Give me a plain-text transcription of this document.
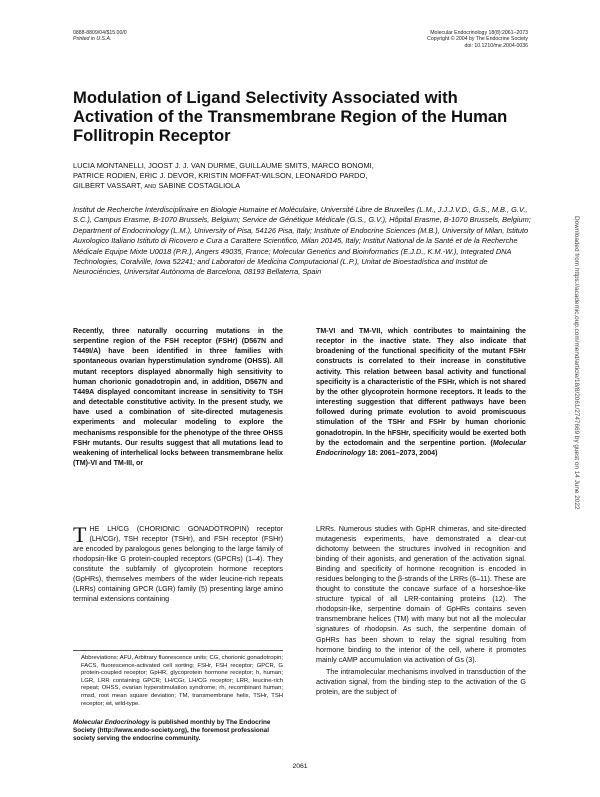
0888-8809/04/$15.00/0
Printed in U.S.A.
Molecular Endocrinology 18(8):2061–2073
Copyright © 2004 by The Endocrine Society
doi: 10.1210/me.2004-0036
Modulation of Ligand Selectivity Associated with Activation of the Transmembrane Region of the Human Follitropin Receptor
LUCIA MONTANELLI, JOOST J. J. VAN DURME, GUILLAUME SMITS, MARCO BONOMI,
PATRICE RODIEN, ERIC J. DEVOR, KRISTIN MOFFAT-WILSON, LEONARDO PARDO,
GILBERT VASSART, AND SABINE COSTAGLIOLA
Institut de Recherche Interdisciplinaire en Biologie Humaine et Moléculaire, Université Libre de Bruxelles (L.M., J.J.J.V.D., G.S., M.B., G.V., S.C.), Campus Erasme, B-1070 Brussels, Belgium; Service de Génétique Médicale (G.S., G.V.), Hôpital Erasme, B-1070 Brussels, Belgium; Department of Endocrinology (L.M.), University of Pisa, 54126 Pisa, Italy; Institute of Endocrine Sciences (M.B.), University of Milan, Istituto Auxologico Italiano Istituto di Ricovero e Cura a Carattere Scientifico, Milan 20145, Italy; Institut National de la Santé et de la Recherche Médicale Equipe Mixte U0018 (P.R.), Angers 49035, France; Molecular Genetics and Bioinformatics (E.J.D., K.M.-W.), Integrated DNA Technologies, Coralville, Iowa 52241; and Laboratori de Medicina Computacional (L.P.), Unitat de Bioestadística and Institut de Neurociéncies, Universitat Autònoma de Barcelona, 08193 Bellaterra, Spain
Recently, three naturally occurring mutations in the serpentine region of the FSH receptor (FSHr) (D567N and T449I/A) have been identified in three families with spontaneous ovarian hyperstimulation syndrome (OHSS). All mutant receptors displayed abnormally high sensitivity to human chorionic gonadotropin and, in addition, D567N and T449A displayed concomitant increase in sensitivity to TSH and detectable constitutive activity. In the present study, we have used a combination of site-directed mutagenesis experiments and molecular modeling to explore the mechanisms responsible for the phenotype of the three OHSS FSHr mutants. Our results suggest that all mutations lead to weakening of interhelical locks between transmembrane helix (TM)-VI and TM-III, or
TM-VI and TM-VII, which contributes to maintaining the receptor in the inactive state. They also indicate that broadening of the functional specificity of the mutant FSHr constructs is correlated to their increase in constitutive activity. This relation between basal activity and functional specificity is a characteristic of the FSHr, which is not shared by the other glycoprotein hormone receptors. It leads to the interesting suggestion that different pathways have been followed during primate evolution to avoid promiscuous stimulation of the TSHr and FSHr by human chorionic gonadotropin. In the hFSHr, specificity would be exerted both by the ectodomain and the serpentine portion. (Molecular Endocrinology 18: 2061–2073, 2004)
THE LH/CG (CHORIONIC GONADOTROPIN) receptor (LH/CGr), TSH receptor (TSHr), and FSH receptor (FSHr) are encoded by paralogous genes belonging to the large family of rhodopsin-like G protein-coupled receptors (GPCRs) (1–4). They constitute the subfamily of glycoprotein hormone receptors (GpHRs), themselves members of the wider leucine-rich repeats (LRRs) containing GPCR (LGR) family (5) presenting large amino terminal extensions containing
LRRs. Numerous studies with GpHR chimeras, and site-directed mutagenesis experiments, have demonstrated a clear-cut dichotomy between the structures involved in recognition and binding of their agonists, and generation of the activation signal. Binding and specificity of hormone recognition is encoded in residues belonging to the β-strands of the LRRs (6–11). These are thought to constitute the concave surface of a horseshoe-like structure typical of all LRR-containing proteins (12). The rhodopsin-like, serpentine domain of GpHRs contains seven transmembrane helices (TM) with many but not all the molecular signatures of rhodopsin. As such, the serpentine domain of GpHRs has been shown to relay the signal resulting from hormone binding to the interior of the cell, where it promotes mainly cAMP accumulation via activation of Gs (3).
The intramolecular mechanisms involved in transduction of the activation signal, from the binding step to the activation of the G protein, are the subject of
Abbreviations: AFU, Arbitrary fluorescence units; CG, chorionic gonadotropin; FACS, fluorescence-activated cell sorting; FSHr, FSH receptor; GPCR, G protein-coupled receptor; GpHR, glycoprotein hormone receptor; h, human; LGR, LRR containing GPCR; LH/CGr, LH/CG receptor; LRR, leucine-rich repeat; OHSS, ovarian hyperstimulation syndrome; rh, recombinant human; rmsd, root mean square deviation; TM, transmembrane helix, TSHr, TSH receptor; wt, wild-type.
Molecular Endocrinology is published monthly by The Endocrine Society (http://www.endo-society.org), the foremost professional society serving the endocrine community.
2061
Downloaded from https://academic.oup.com/mend/article/18/8/2061/2747669 by guest on 14 June 2022
